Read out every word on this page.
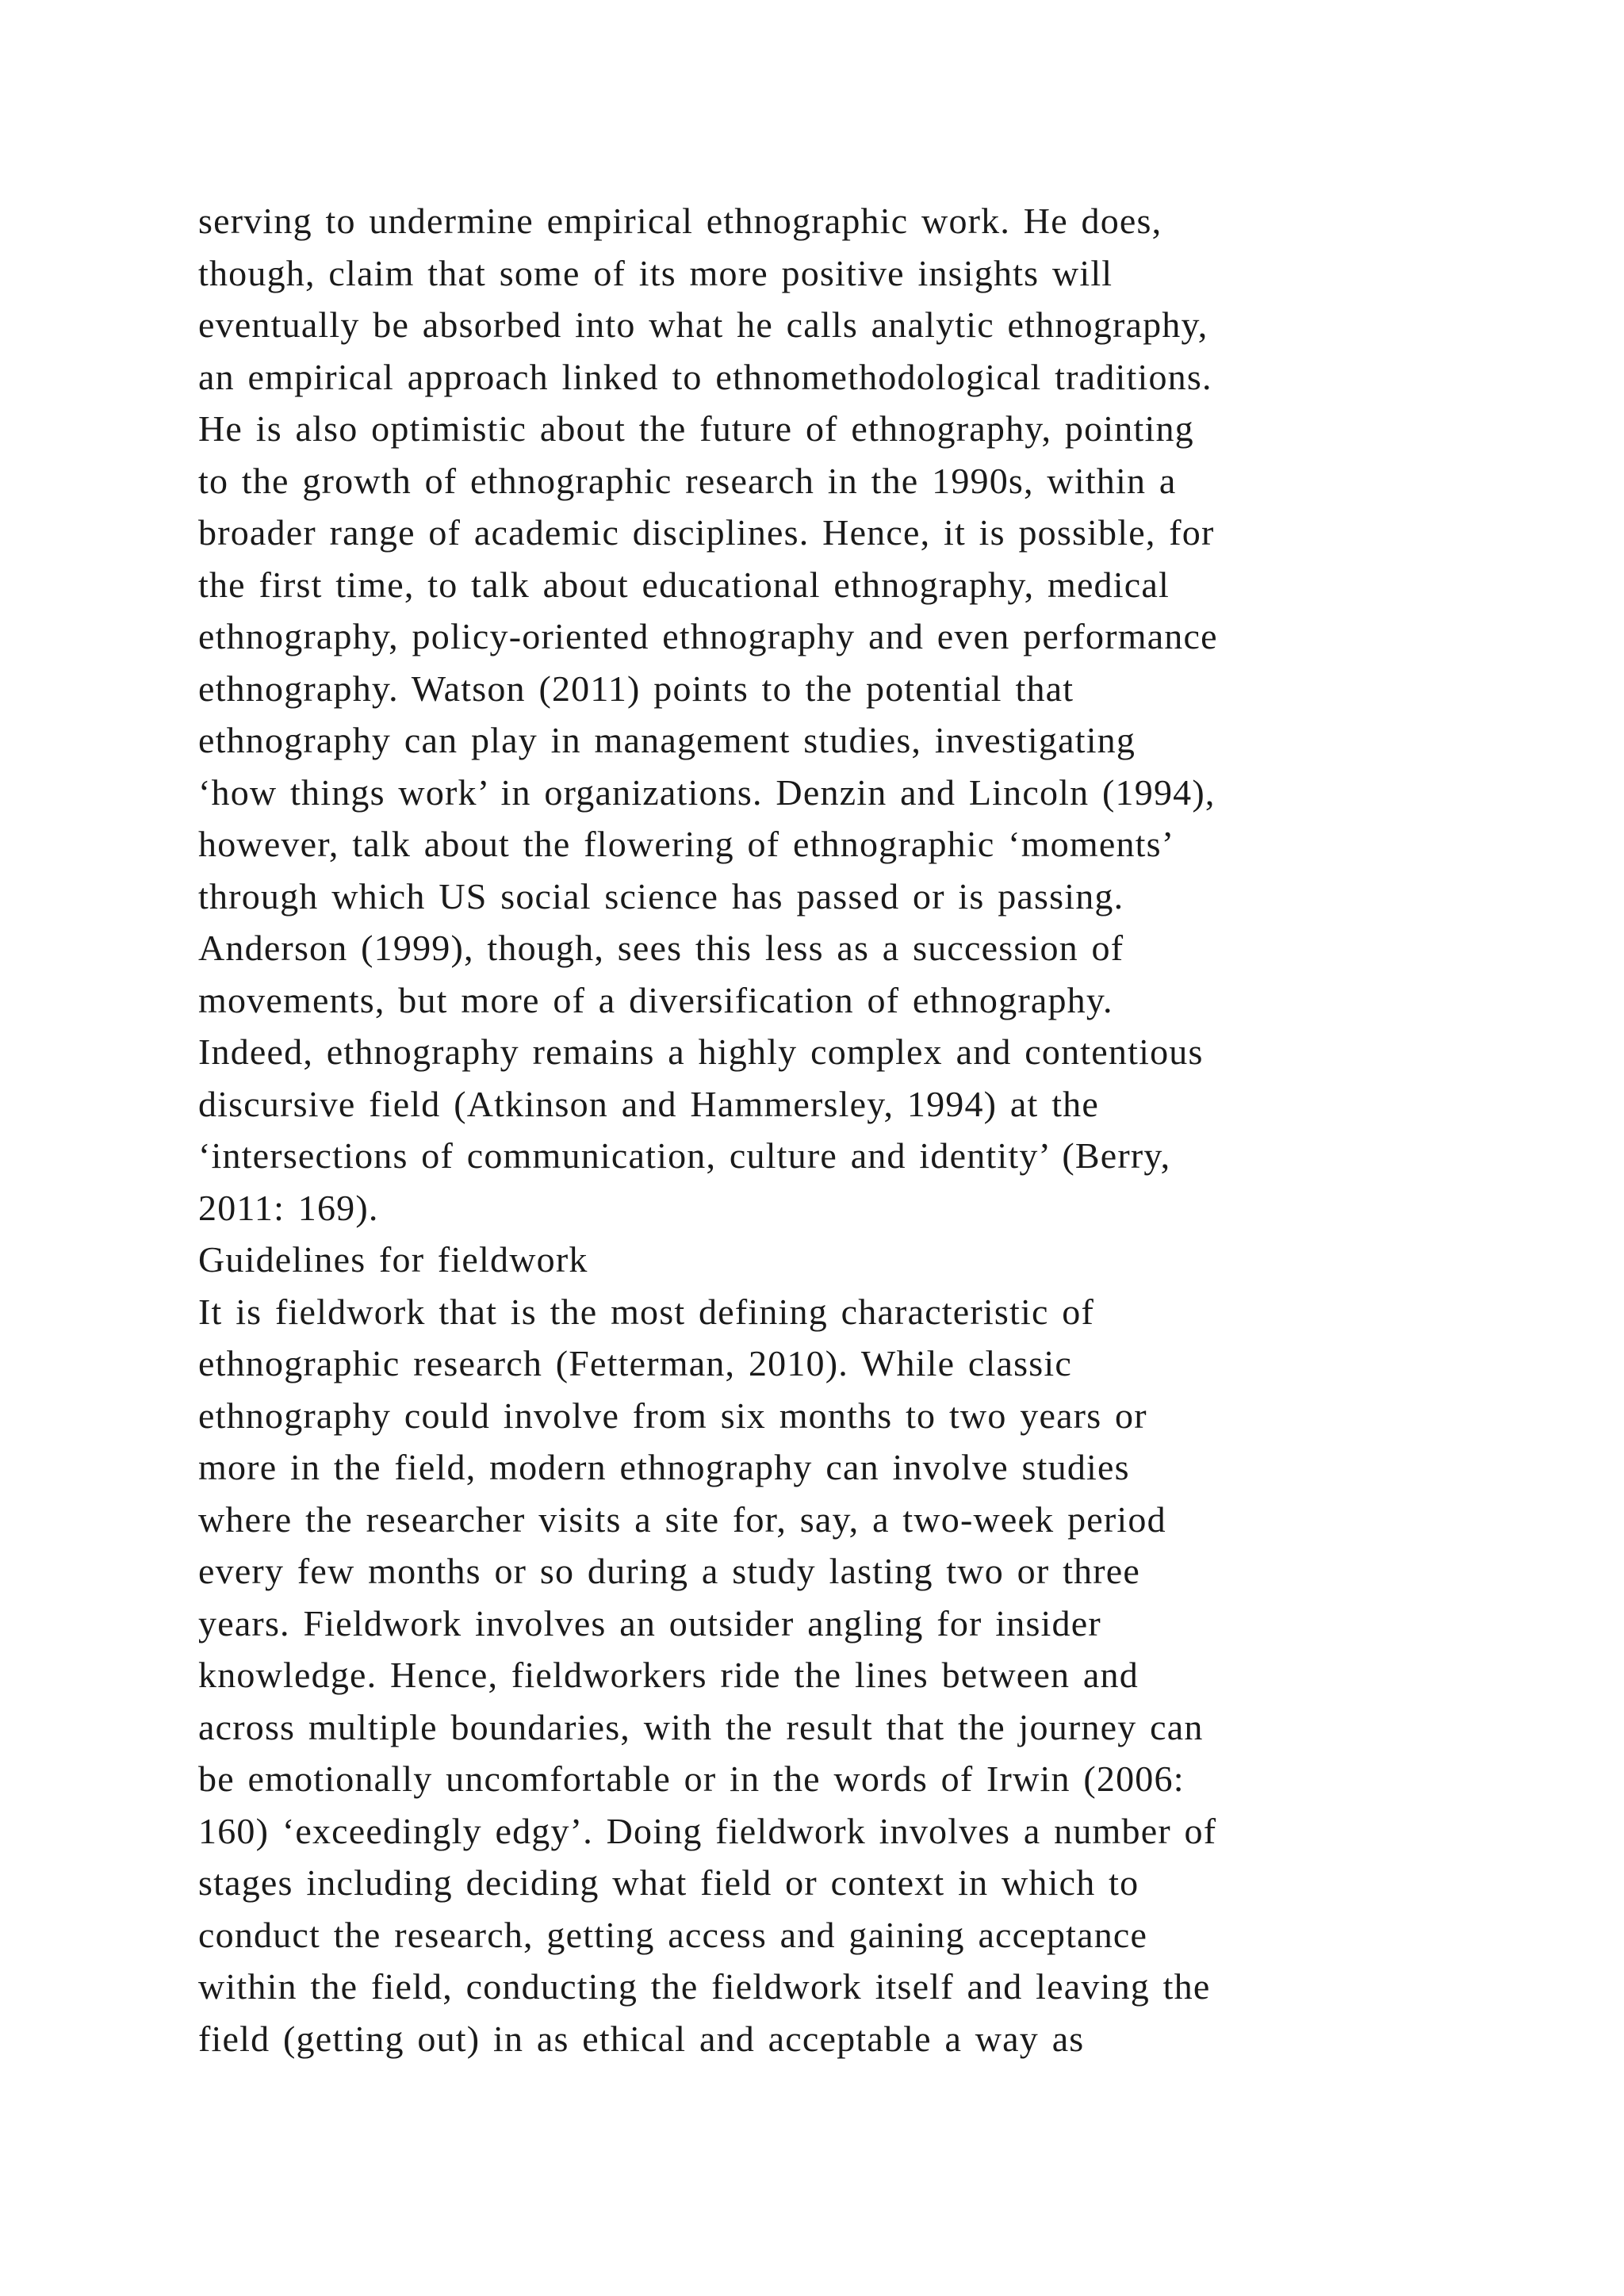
serving to undermine empirical ethnographic work. He does,
though, claim that some of its more positive insights will
eventually be absorbed into what he calls analytic ethnography,
an empirical approach linked to ethnomethodological traditions.
He is also optimistic about the future of ethnography, pointing
to the growth of ethnographic research in the 1990s, within a
broader range of academic disciplines. Hence, it is possible, for
the first time, to talk about educational ethnography, medical
ethnography, policy-oriented ethnography and even performance
ethnography. Watson (2011) points to the potential that
ethnography can play in management studies, investigating
‘how things work’ in organizations. Denzin and Lincoln (1994),
however, talk about the flowering of ethnographic ‘moments’
through which US social science has passed or is passing.
Anderson (1999), though, sees this less as a succession of
movements, but more of a diversification of ethnography.
Indeed, ethnography remains a highly complex and contentious
discursive field (Atkinson and Hammersley, 1994) at the
‘intersections of communication, culture and identity’ (Berry,
2011: 169).
Guidelines for fieldwork
It is fieldwork that is the most defining characteristic of
ethnographic research (Fetterman, 2010). While classic
ethnography could involve from six months to two years or
more in the field, modern ethnography can involve studies
where the researcher visits a site for, say, a two-week period
every few months or so during a study lasting two or three
years. Fieldwork involves an outsider angling for insider
knowledge. Hence, fieldworkers ride the lines between and
across multiple boundaries, with the result that the journey can
be emotionally uncomfortable or in the words of Irwin (2006:
160) ‘exceedingly edgy’. Doing fieldwork involves a number of
stages including deciding what field or context in which to
conduct the research, getting access and gaining acceptance
within the field, conducting the fieldwork itself and leaving the
field (getting out) in as ethical and acceptable a way as
